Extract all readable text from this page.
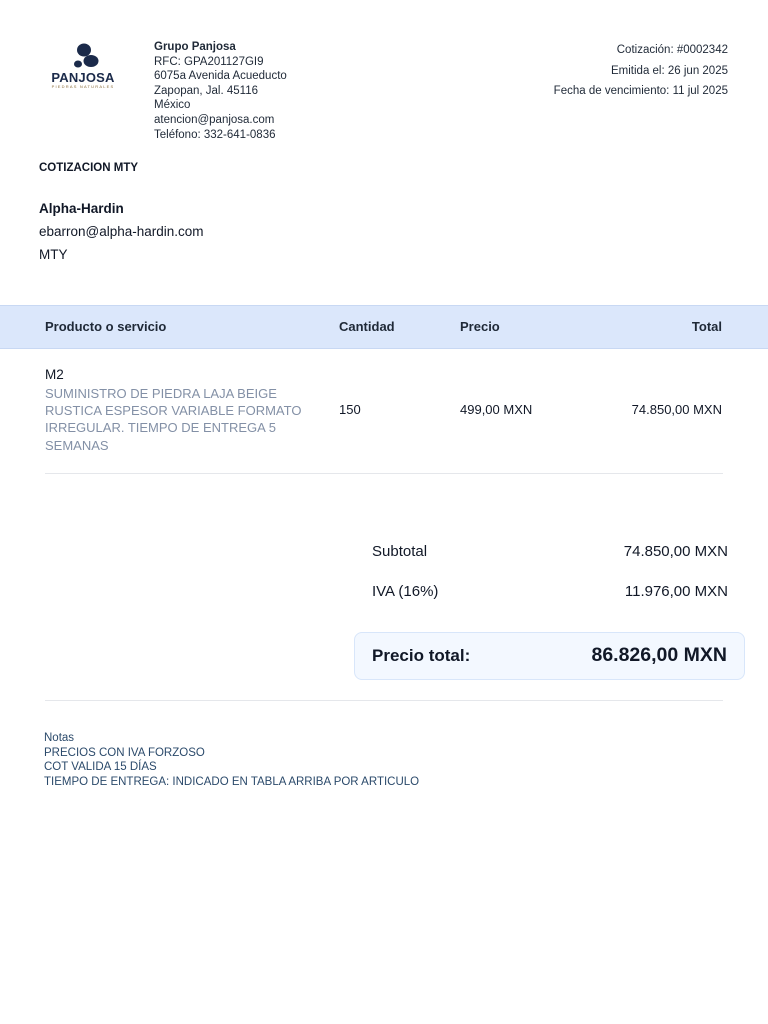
PANJOSA
PIEDRAS NATURALES
Grupo Panjosa
RFC: GPA201127GI9
6075a Avenida Acueducto
Zapopan, Jal. 45116
México
atencion@panjosa.com
Teléfono: 332-641-0836
Cotización: #0002342
Emitida el: 26 jun 2025
Fecha de vencimiento: 11 jul 2025
COTIZACION MTY
Alpha-Hardin
ebarron@alpha-hardin.com
MTY
Producto o servicio	Cantidad	Precio	Total
M2
SUMINISTRO DE PIEDRA LAJA BEIGE RUSTICA ESPESOR VARIABLE FORMATO IRREGULAR. TIEMPO DE ENTREGA 5 SEMANAS
150	499,00 MXN	74.850,00 MXN
Subtotal	74.850,00 MXN
IVA (16%)	11.976,00 MXN
Precio total:	86.826,00 MXN
Notas
PRECIOS CON IVA FORZOSO
COT VALIDA 15 DÍAS
TIEMPO DE ENTREGA: INDICADO EN TABLA ARRIBA POR ARTICULO
